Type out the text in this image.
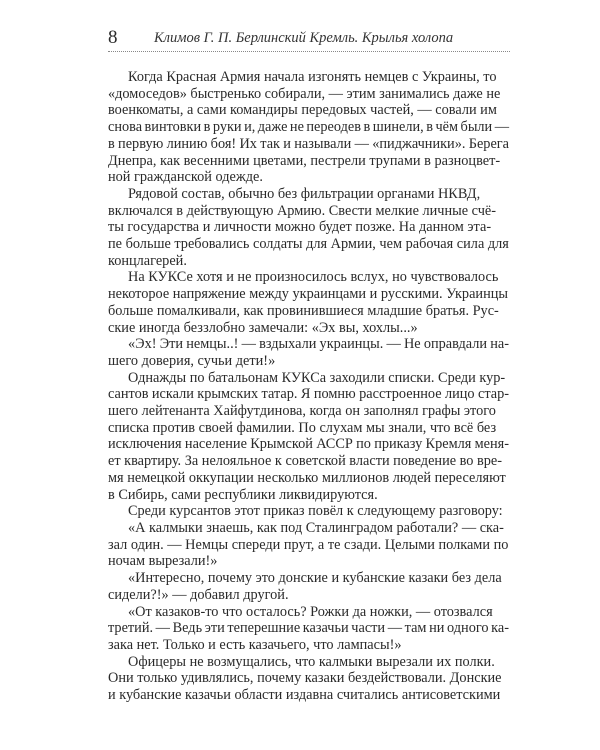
8	Климов Г. П. Берлинский Кремль. Крылья холопа
Когда Красная Армия начала изгонять немцев с Украины, то
«домоседов» быстренько собирали, — этим занимались даже не
военкоматы, а сами командиры передовых частей, — совали им
снова винтовки в руки и, даже не переодев в шинели, в чём были —
в первую линию боя! Их так и называли — «пиджачники». Берега
Днепра, как весенними цветами, пестрели трупами в разноцвет-
ной гражданской одежде.
Рядовой состав, обычно без фильтрации органами НКВД,
включался в действующую Армию. Свести мелкие личные счё-
ты государства и личности можно будет позже. На данном эта-
пе больше требовались солдаты для Армии, чем рабочая сила для
концлагерей.
На КУКСе хотя и не произносилось вслух, но чувствовалось
некоторое напряжение между украинцами и русскими. Украинцы
больше помалкивали, как провинившиеся младшие братья. Рус-
ские иногда беззлобно замечали: «Эх вы, хохлы...»
«Эх! Эти немцы..! — вздыхали украинцы. — Не оправдали на-
шего доверия, сучьи дети!»
Однажды по батальонам КУКСа заходили списки. Среди кур-
сантов искали крымских татар. Я помню расстроенное лицо стар-
шего лейтенанта Хайфутдинова, когда он заполнял графы этого
списка против своей фамилии. По слухам мы знали, что всё без
исключения население Крымской АССР по приказу Кремля меня-
ет квартиру. За нелояльное к советской власти поведение во вре-
мя немецкой оккупации несколько миллионов людей переселяют
в Сибирь, сами республики ликвидируются.
Среди курсантов этот приказ повёл к следующему разговору:
«А калмыки знаешь, как под Сталинградом работали? — ска-
зал один. — Немцы спереди прут, а те сзади. Целыми полками по
ночам вырезали!»
«Интересно, почему это донские и кубанские казаки без дела
сидели?!» — добавил другой.
«От казаков-то что осталось? Рожки да ножки, — отозвался
третий. — Ведь эти теперешние казачьи части — там ни одного ка-
зака нет. Только и есть казачьего, что лампасы!»
Офицеры не возмущались, что калмыки вырезали их полки.
Они только удивлялись, почему казаки бездействовали. Донские
и кубанские казачьи области издавна считались антисоветскими
